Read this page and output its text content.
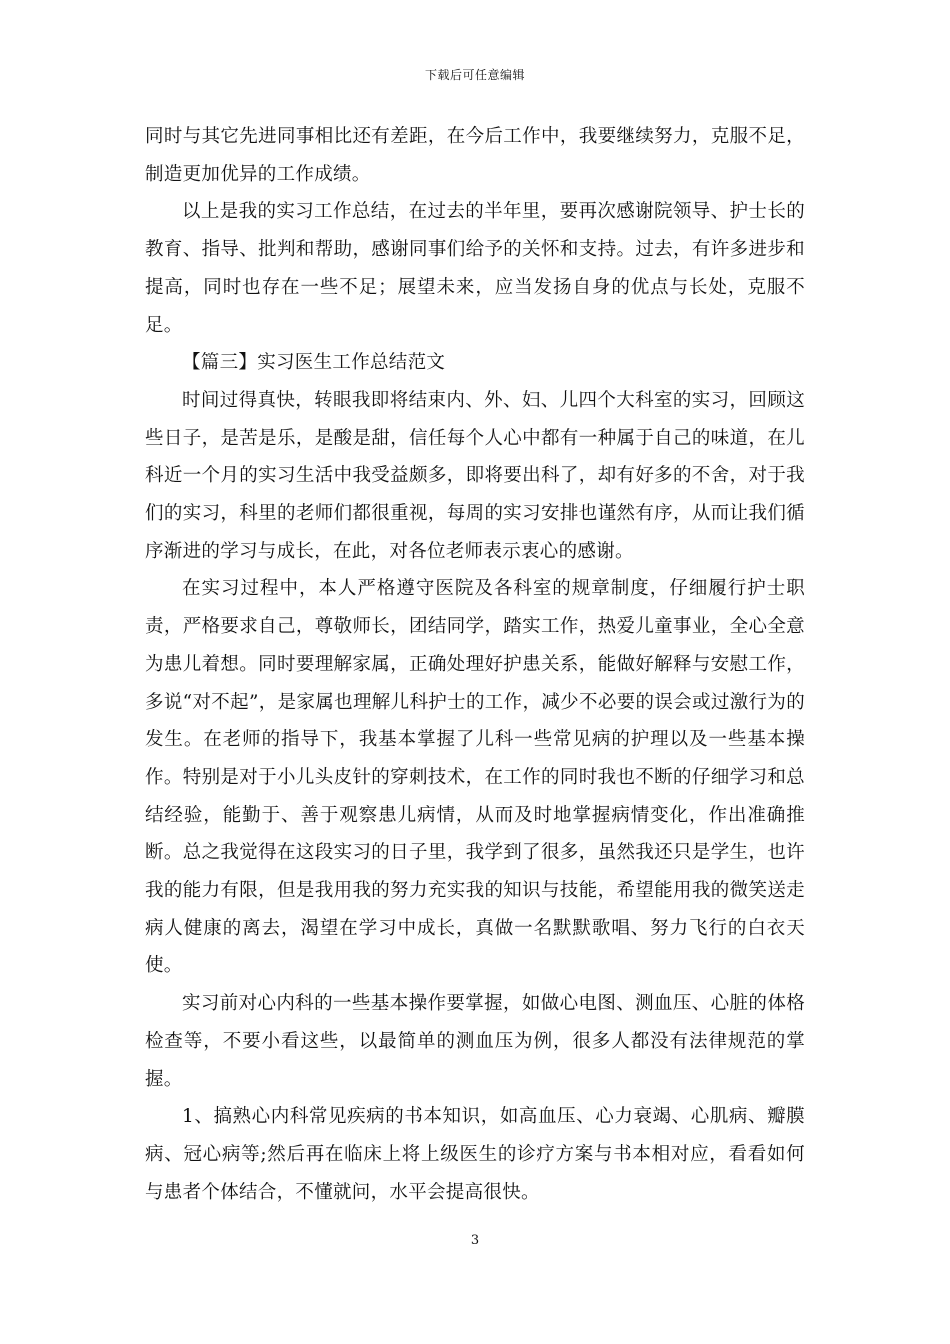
下载后可任意编辑

同时与其它先进同事相比还有差距，在今后工作中，我要继续努力，克服不足，制造更加优异的工作成绩。

以上是我的实习工作总结，在过去的半年里，要再次感谢院领导、护士长的教育、指导、批判和帮助，感谢同事们给予的关怀和支持。过去，有许多进步和提高，同时也存在一些不足；展望未来，应当发扬自身的优点与长处，克服不足。

【篇三】实习医生工作总结范文

时间过得真快，转眼我即将结束内、外、妇、儿四个大科室的实习，回顾这些日子，是苦是乐，是酸是甜，信任每个人心中都有一种属于自己的味道，在儿科近一个月的实习生活中我受益颇多，即将要出科了，却有好多的不舍，对于我们的实习，科里的老师们都很重视，每周的实习安排也谨然有序，从而让我们循序渐进的学习与成长，在此，对各位老师表示衷心的感谢。

在实习过程中，本人严格遵守医院及各科室的规章制度，仔细履行护士职责，严格要求自己，尊敬师长，团结同学，踏实工作，热爱儿童事业，全心全意为患儿着想。同时要理解家属，正确处理好护患关系，能做好解释与安慰工作，多说“对不起”，是家属也理解儿科护士的工作，减少不必要的误会或过激行为的发生。在老师的指导下，我基本掌握了儿科一些常见病的护理以及一些基本操作。特别是对于小儿头皮针的穿刺技术，在工作的同时我也不断的仔细学习和总结经验，能勤于、善于观察患儿病情，从而及时地掌握病情变化，作出准确推断。总之我觉得在这段实习的日子里，我学到了很多，虽然我还只是学生，也许我的能力有限，但是我用我的努力充实我的知识与技能，希望能用我的微笑送走病人健康的离去，渴望在学习中成长，真做一名默默歌唱、努力飞行的白衣天使。

实习前对心内科的一些基本操作要掌握，如做心电图、测血压、心脏的体格检查等，不要小看这些，以最简单的测血压为例，很多人都没有法律规范的掌握。

1、搞熟心内科常见疾病的书本知识，如高血压、心力衰竭、心肌病、瓣膜病、冠心病等;然后再在临床上将上级医生的诊疗方案与书本相对应，看看如何与患者个体结合，不懂就问，水平会提高很快。

3
